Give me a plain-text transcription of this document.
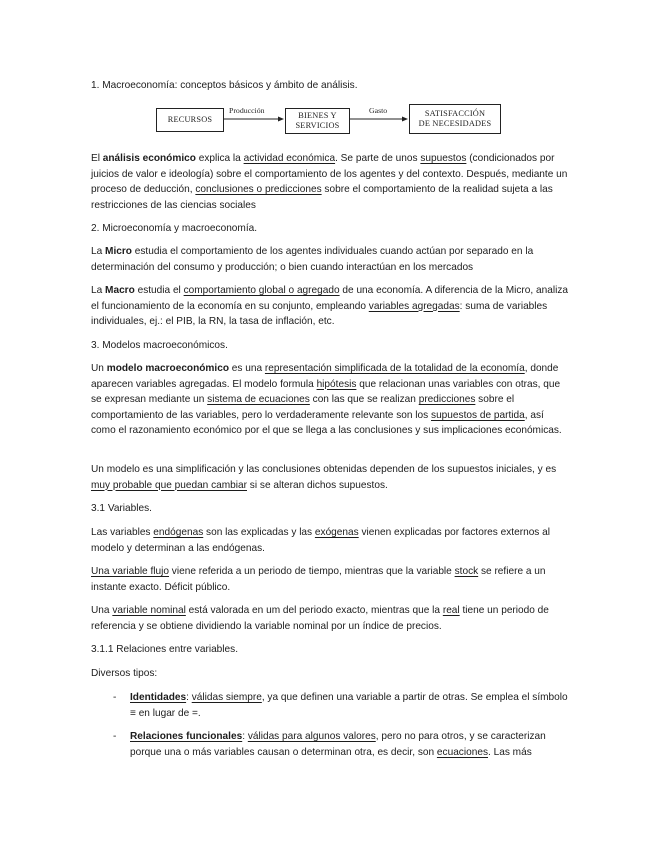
1. Macroeconomía: conceptos básicos y ámbito de análisis.

RECURSOS
Producción
BIENES Y
SERVICIOS
Gasto	SATISFACCIÓN
DE NECESIDADES

El análisis económico explica la actividad económica. Se parte de unos supuestos (condicionados por juicios de valor e ideología) sobre el comportamiento de los agentes y del contexto. Después, mediante un proceso de deducción, conclusiones o predicciones sobre el comportamiento de la realidad sujeta a las restricciones de las ciencias sociales

2. Microeconomía y macroeconomía.

La Micro estudia el comportamiento de los agentes individuales cuando actúan por separado en la determinación del consumo y producción; o bien cuando interactúan en los mercados

La Macro estudia el comportamiento global o agregado de una economía. A diferencia de la Micro, analiza el funcionamiento de la economía en su conjunto, empleando variables agregadas: suma de variables individuales, ej.: el PIB, la RN, la tasa de inflación, etc.

3. Modelos macroeconómicos.

Un modelo macroeconómico es una representación simplificada de la totalidad de la economía, donde aparecen variables agregadas. El modelo formula hipótesis que relacionan unas variables con otras, que se expresan mediante un sistema de ecuaciones con las que se realizan predicciones sobre el comportamiento de las variables, pero lo verdaderamente relevante son los supuestos de partida, así como el razonamiento económico por el que se llega a las conclusiones y sus implicaciones económicas.

Un modelo es una simplificación y las conclusiones obtenidas dependen de los supuestos iniciales, y es muy probable que puedan cambiar si se alteran dichos supuestos.

3.1 Variables.

Las variables endógenas son las explicadas y las exógenas vienen explicadas por factores externos al modelo y determinan a las endógenas.

Una variable flujo viene referida a un periodo de tiempo, mientras que la variable stock se refiere a un instante exacto. Déficit público.

Una variable nominal está valorada en um del periodo exacto, mientras que la real tiene un periodo de referencia y se obtiene dividiendo la variable nominal por un índice de precios.

3.1.1 Relaciones entre variables.

Diversos tipos:

- Identidades: válidas siempre, ya que definen una variable a partir de otras. Se emplea el símbolo ≡ en lugar de =.

- Relaciones funcionales: válidas para algunos valores, pero no para otros, y se caracterizan porque una o más variables causan o determinan otra, es decir, son ecuaciones. Las más
